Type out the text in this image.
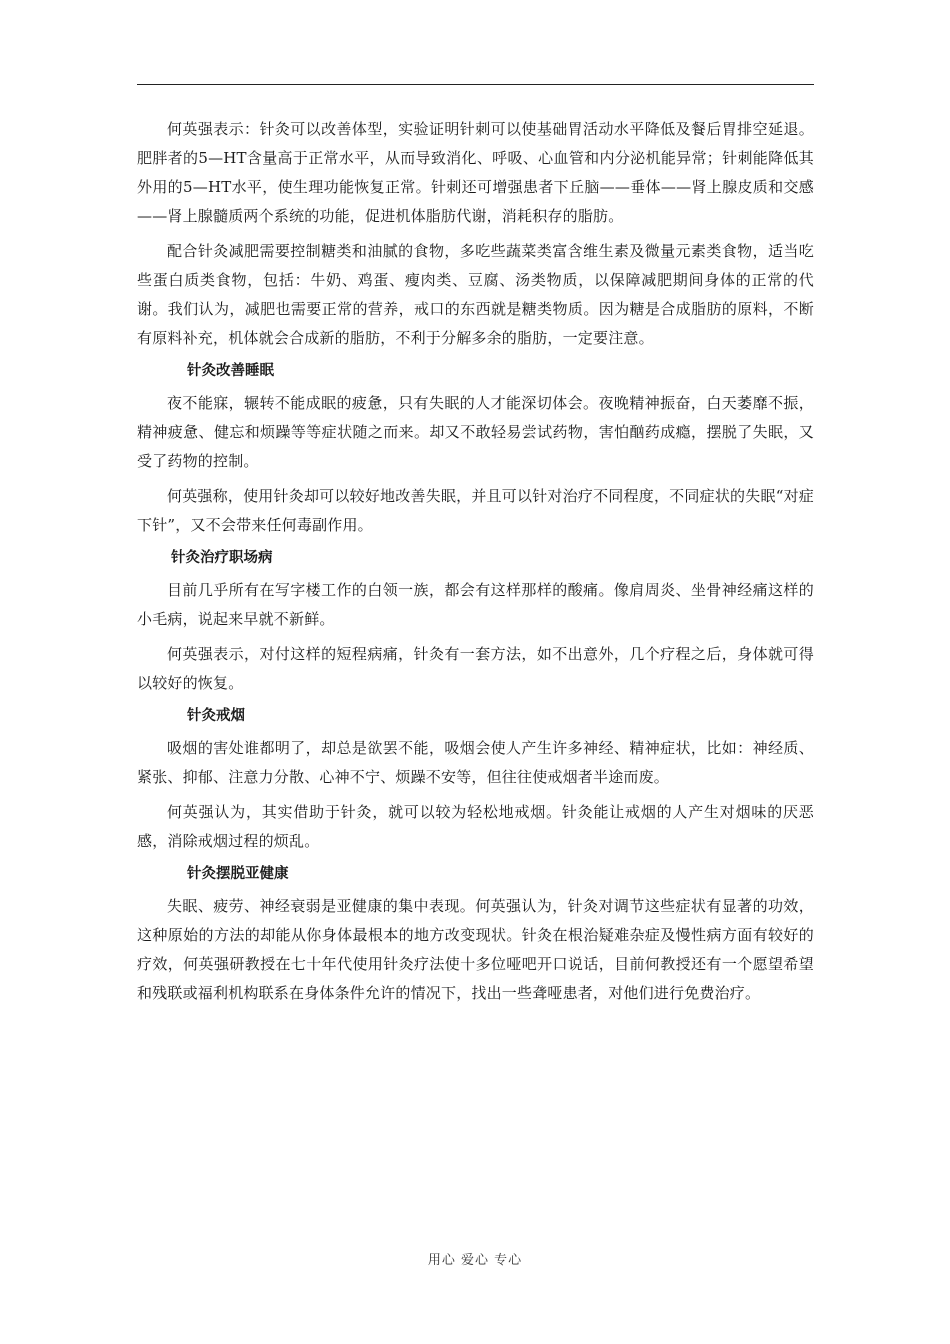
何英强表示：针灸可以改善体型，实验证明针刺可以使基础胃活动水平降低及餐后胃排空延退。肥胖者的5—HT含量高于正常水平，从而导致消化、呼吸、心血管和内分泌机能异常；针刺能降低其外用的5—HT水平，使生理功能恢复正常。针刺还可增强患者下丘脑——垂体——肾上腺皮质和交感——肾上腺髓质两个系统的功能，促进机体脂肪代谢，消耗积存的脂肪。

配合针灸减肥需要控制糖类和油腻的食物，多吃些蔬菜类富含维生素及微量元素类食物，适当吃些蛋白质类食物，包括：牛奶、鸡蛋、瘦肉类、豆腐、汤类物质，以保障减肥期间身体的正常的代谢。我们认为，减肥也需要正常的营养，戒口的东西就是糖类物质。因为糖是合成脂肪的原料，不断有原料补充，机体就会合成新的脂肪，不利于分解多余的脂肪，一定要注意。

针灸改善睡眠

夜不能寐，辗转不能成眠的疲惫，只有失眠的人才能深切体会。夜晚精神振奋，白天萎靡不振，精神疲惫、健忘和烦躁等等症状随之而来。却又不敢轻易尝试药物，害怕酗药成瘾，摆脱了失眠，又受了药物的控制。

何英强称，使用针灸却可以较好地改善失眠，并且可以针对治疗不同程度，不同症状的失眠“对症下针”，又不会带来任何毒副作用。

针灸治疗职场病

目前几乎所有在写字楼工作的白领一族，都会有这样那样的酸痛。像肩周炎、坐骨神经痛这样的小毛病，说起来早就不新鲜。

何英强表示，对付这样的短程病痛，针灸有一套方法，如不出意外，几个疗程之后，身体就可得以较好的恢复。

针灸戒烟

吸烟的害处谁都明了，却总是欲罢不能，吸烟会使人产生许多神经、精神症状，比如：神经质、紧张、抑郁、注意力分散、心神不宁、烦躁不安等，但往往使戒烟者半途而废。

何英强认为，其实借助于针灸，就可以较为轻松地戒烟。针灸能让戒烟的人产生对烟味的厌恶感，消除戒烟过程的烦乱。

针灸摆脱亚健康

失眠、疲劳、神经衰弱是亚健康的集中表现。何英强认为，针灸对调节这些症状有显著的功效，这种原始的方法的却能从你身体最根本的地方改变现状。针灸在根治疑难杂症及慢性病方面有较好的疗效，何英强研教授在七十年代使用针灸疗法使十多位哑吧开口说话，目前何教授还有一个愿望希望和残联或福利机构联系在身体条件允许的情况下，找出一些聋哑患者，对他们进行免费治疗。

用心 爱心 专心
